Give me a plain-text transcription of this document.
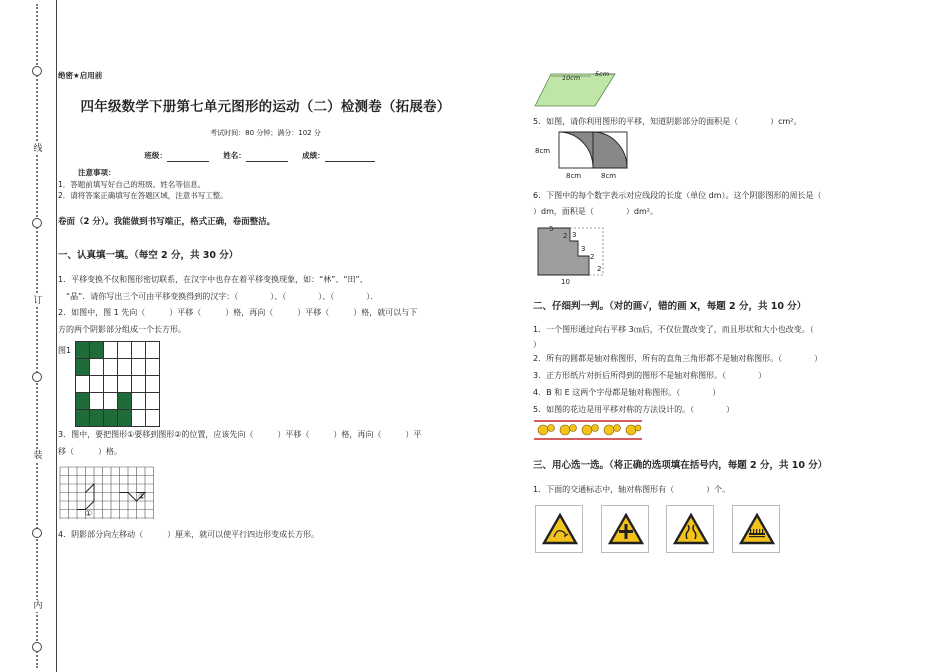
线
订
装
内
绝密★启用前
四年级数学下册第七单元图形的运动（二）检测卷（拓展卷）
考试时间：80 分钟；满分：102 分
班级：	姓名：	成绩：
注意事项：
1．答题前填写好自己的班级、姓名等信息。
2．请将答案正确填写在答题区域，注意书写工整。
卷面（2 分）。我能做到书写端正，格式正确，卷面整洁。
一、认真填一填。（每空 2 分，共 30 分）
1．平移变换不仅和图形密切联系，在汉字中也存在着平移变换现象，如：“林”、“田”、
“晶”．请你写出三个可由平移变换得到的汉字：（　　　　）、（　　　　）、（　　　　）．
2．如图中，图 1 先向（　　　）平移（　　　）格，再向（　　　）平移（　　　）格，就可以与下
方的两个阴影部分组成一个长方形。
图1

3．图中，要把图形①要移到图形②的位置，应该先向（　　　）平移（　　　）格，再向（　　　）平
移（　　　）格。
①
②
4．阴影部分向左移动（　　　）厘米，就可以使平行四边形变成长方形。
10cm 5cm
5．如图，请你利用图形的平移，知道阴影部分的面积是（　　　　）cm²。
8cm
8cm	8cm
6．下图中的每个数字表示对应线段的长度（单位 dm）。这个阴影图形的周长是（
）dm，面积是（　　　　）dm²。
5
2 3
3
2
2
10
二、仔细判一判。（对的画√，错的画 X，每题 2 分，共 10 分）
1．一个图形通过向右平移 3㎝后，不仅位置改变了，而且形状和大小也改变。（
）
2．所有的圆都是轴对称图形，所有的直角三角形都不是轴对称图形。（　　　　）
3．正方形纸片对折后所得到的图形不是轴对称图形。（　　　　）
4．B 和 E 这两个字母都是轴对称图形。（　　　　）
5．如图的花边是用平移对称的方法设计的。（　　　　）
三、用心选一选。（将正确的选项填在括号内，每题 2 分，共 10 分）
1．下面的交通标志中，轴对称图形有（　　　　）个。
